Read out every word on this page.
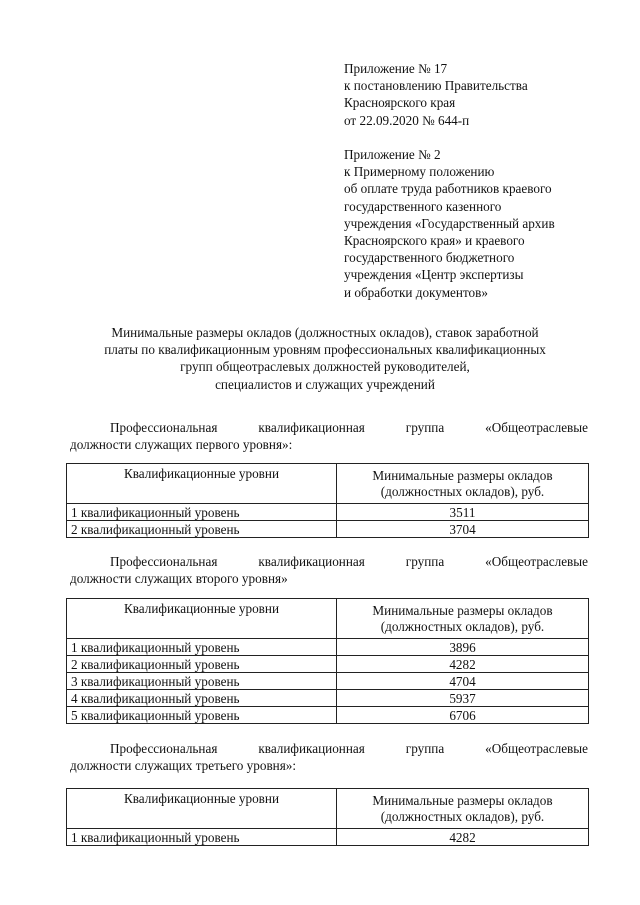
Приложение № 17
к постановлению Правительства
Красноярского края
от 22.09.2020 № 644-п
Приложение № 2
к Примерному положению
об оплате труда работников краевого
государственного казенного
учреждения «Государственный архив
Красноярского края» и краевого
государственного бюджетного
учреждения «Центр экспертизы
и обработки документов»
Минимальные размеры окладов (должностных окладов), ставок заработной
платы по квалификационным уровням профессиональных квалификационных
групп общеотраслевых должностей руководителей,
специалистов и служащих учреждений
Профессиональная	квалификационная	группа	«Общеотраслевые
должности служащих первого уровня»:
Квалификационные уровни	Минимальные размеры окладов (должностных окладов), руб.
1 квалификационный уровень	3511
2 квалификационный уровень	3704
Профессиональная	квалификационная	группа	«Общеотраслевые
должности служащих второго уровня»
Квалификационные уровни	Минимальные размеры окладов (должностных окладов), руб.
1 квалификационный уровень	3896
2 квалификационный уровень	4282
3 квалификационный уровень	4704
4 квалификационный уровень	5937
5 квалификационный уровень	6706
Профессиональная	квалификационная	группа	«Общеотраслевые
должности служащих третьего уровня»:
Квалификационные уровни	Минимальные размеры окладов (должностных окладов), руб.
1 квалификационный уровень	4282
